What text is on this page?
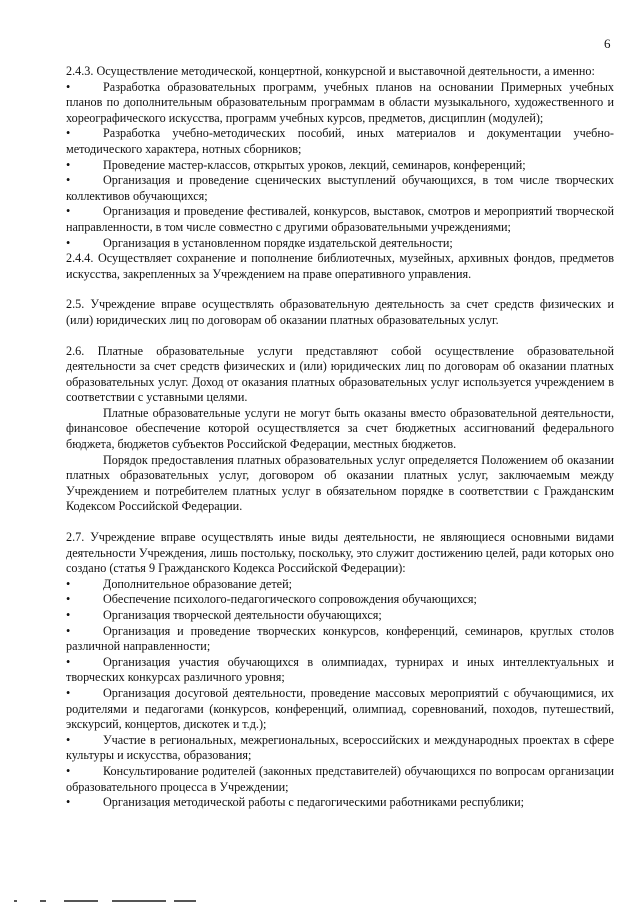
6

2.4.3. Осуществление методической, концертной, конкурсной и выставочной деятельности, а именно:

•	Разработка образовательных программ, учебных планов на основании Примерных учебных планов по дополнительным образовательным программам в области музыкального, художественного и хореографического искусства, программ учебных курсов, предметов, дисциплин (модулей);

•	Разработка учебно-методических пособий, иных материалов и документации учебно-методического характера, нотных сборников;

•	Проведение мастер-классов, открытых уроков, лекций, семинаров, конференций;

•	Организация и проведение сценических выступлений обучающихся, в том числе творческих коллективов обучающихся;

•	Организация и проведение фестивалей, конкурсов, выставок, смотров и мероприятий творческой направленности, в том числе совместно с другими образовательными учреждениями;

•	Организация в установленном порядке издательской деятельности;

2.4.4. Осуществляет сохранение и пополнение библиотечных, музейных, архивных фондов, предметов искусства, закрепленных за Учреждением на праве оперативного управления.

2.5. Учреждение вправе осуществлять образовательную деятельность за счет средств физических и (или) юридических лиц по договорам об оказании платных образовательных услуг.

2.6. Платные образовательные услуги представляют собой осуществление образовательной деятельности за счет средств физических и (или) юридических лиц по договорам об оказании платных образовательных услуг. Доход от оказания платных образовательных услуг используется учреждением в соответствии с уставными целями.

Платные образовательные услуги не могут быть оказаны вместо образовательной деятельности, финансовое обеспечение которой осуществляется за счет бюджетных ассигнований федерального бюджета, бюджетов субъектов Российской Федерации, местных бюджетов.

Порядок предоставления платных образовательных услуг определяется Положением об оказании платных образовательных услуг, договором об оказании платных услуг, заключаемым между Учреждением и потребителем платных услуг в обязательном порядке в соответствии с Гражданским Кодексом Российской Федерации.

2.7. Учреждение вправе осуществлять иные виды деятельности, не являющиеся основными видами деятельности Учреждения, лишь постольку, поскольку, это служит достижению целей, ради которых оно создано (статья 9 Гражданского Кодекса Российской Федерации):

•	Дополнительное образование детей;

•	Обеспечение психолого-педагогического сопровождения обучающихся;

•	Организация творческой деятельности обучающихся;

•	Организация и проведение творческих конкурсов, конференций, семинаров, круглых столов различной направленности;

•	Организация участия обучающихся в олимпиадах, турнирах и иных интеллектуальных и творческих конкурсах различного уровня;

•	Организация досуговой деятельности, проведение массовых мероприятий с обучающимися, их родителями и педагогами (конкурсов, конференций, олимпиад, соревнований, походов, путешествий, экскурсий, концертов, дискотек и т.д.);

•	Участие в региональных, межрегиональных, всероссийских и международных проектах в сфере культуры и искусства, образования;

•	Консультирование родителей (законных представителей) обучающихся по вопросам организации образовательного процесса в Учреждении;

•	Организация методической работы с педагогическими работниками республики;
